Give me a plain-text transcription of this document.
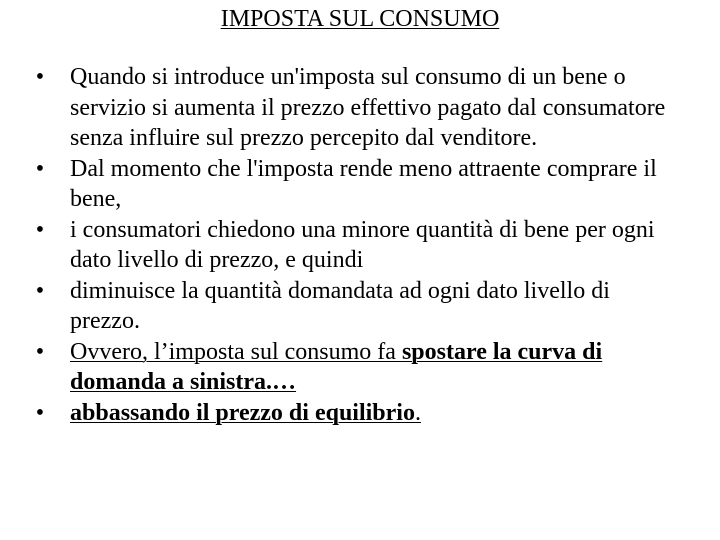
IMPOSTA SUL CONSUMO
• Quando si introduce un'imposta sul consumo di un bene o servizio si aumenta il prezzo effettivo pagato dal consumatore senza influire sul prezzo percepito dal venditore.
• Dal momento che l'imposta rende meno attraente comprare il bene,
• i consumatori chiedono una minore quantità di bene per ogni dato livello di prezzo, e quindi
• diminuisce la quantità domandata ad ogni dato livello di prezzo.
• Ovvero, l’imposta sul consumo fa spostare la curva di domanda a sinistra.…
• abbassando il prezzo di equilibrio.
